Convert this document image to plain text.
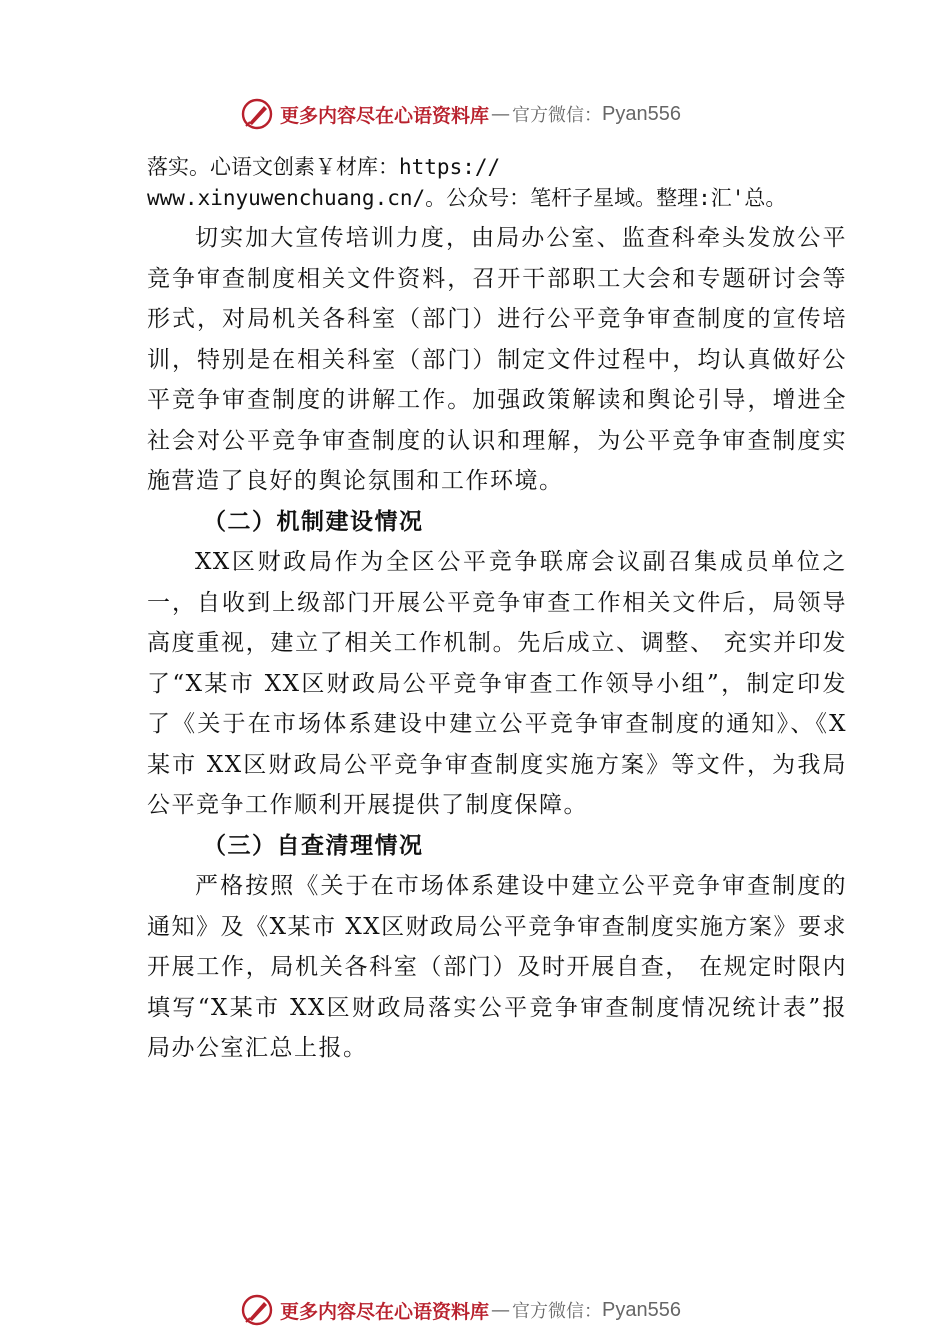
更多内容尽在心语资料库 — 官方微信： Pyan556

落实。心语文创素￥材库：https://
www.xinyuwenchuang.cn/。公众号：笔杆子星域。整理:汇'总。

切实加大宣传培训力度，由局办公室、监查科牵头发放公平竞争审查制度相关文件资料，召开干部职工大会和专题研讨会等形式，对局机关各科室（部门）进行公平竞争审查制度的宣传培训，特别是在相关科室（部门）制定文件过程中，均认真做好公平竞争审查制度的讲解工作。加强政策解读和舆论引导，增进全社会对公平竞争审查制度的认识和理解，为公平竞争审查制度实施营造了良好的舆论氛围和工作环境。

（二）机制建设情况

XX区财政局作为全区公平竞争联席会议副召集成员单位之一，自收到上级部门开展公平竞争审查工作相关文件后，局领导高度重视，建立了相关工作机制。先后成立、调整、 充实并印发了“X某市 XX区财政局公平竞争审查工作领导小组”，制定印发了《关于在市场体系建设中建立公平竞争审查制度的通知》、《X某市 XX区财政局公平竞争审查制度实施方案》等文件，为我局公平竞争工作顺利开展提供了制度保障。

（三）自查清理情况

严格按照《关于在市场体系建设中建立公平竞争审查制度的通知》及《X某市 XX区财政局公平竞争审查制度实施方案》要求开展工作，局机关各科室（部门）及时开展自查， 在规定时限内填写“X某市 XX区财政局落实公平竞争审查制度情况统计表”报局办公室汇总上报。

更多内容尽在心语资料库 — 官方微信： Pyan556
